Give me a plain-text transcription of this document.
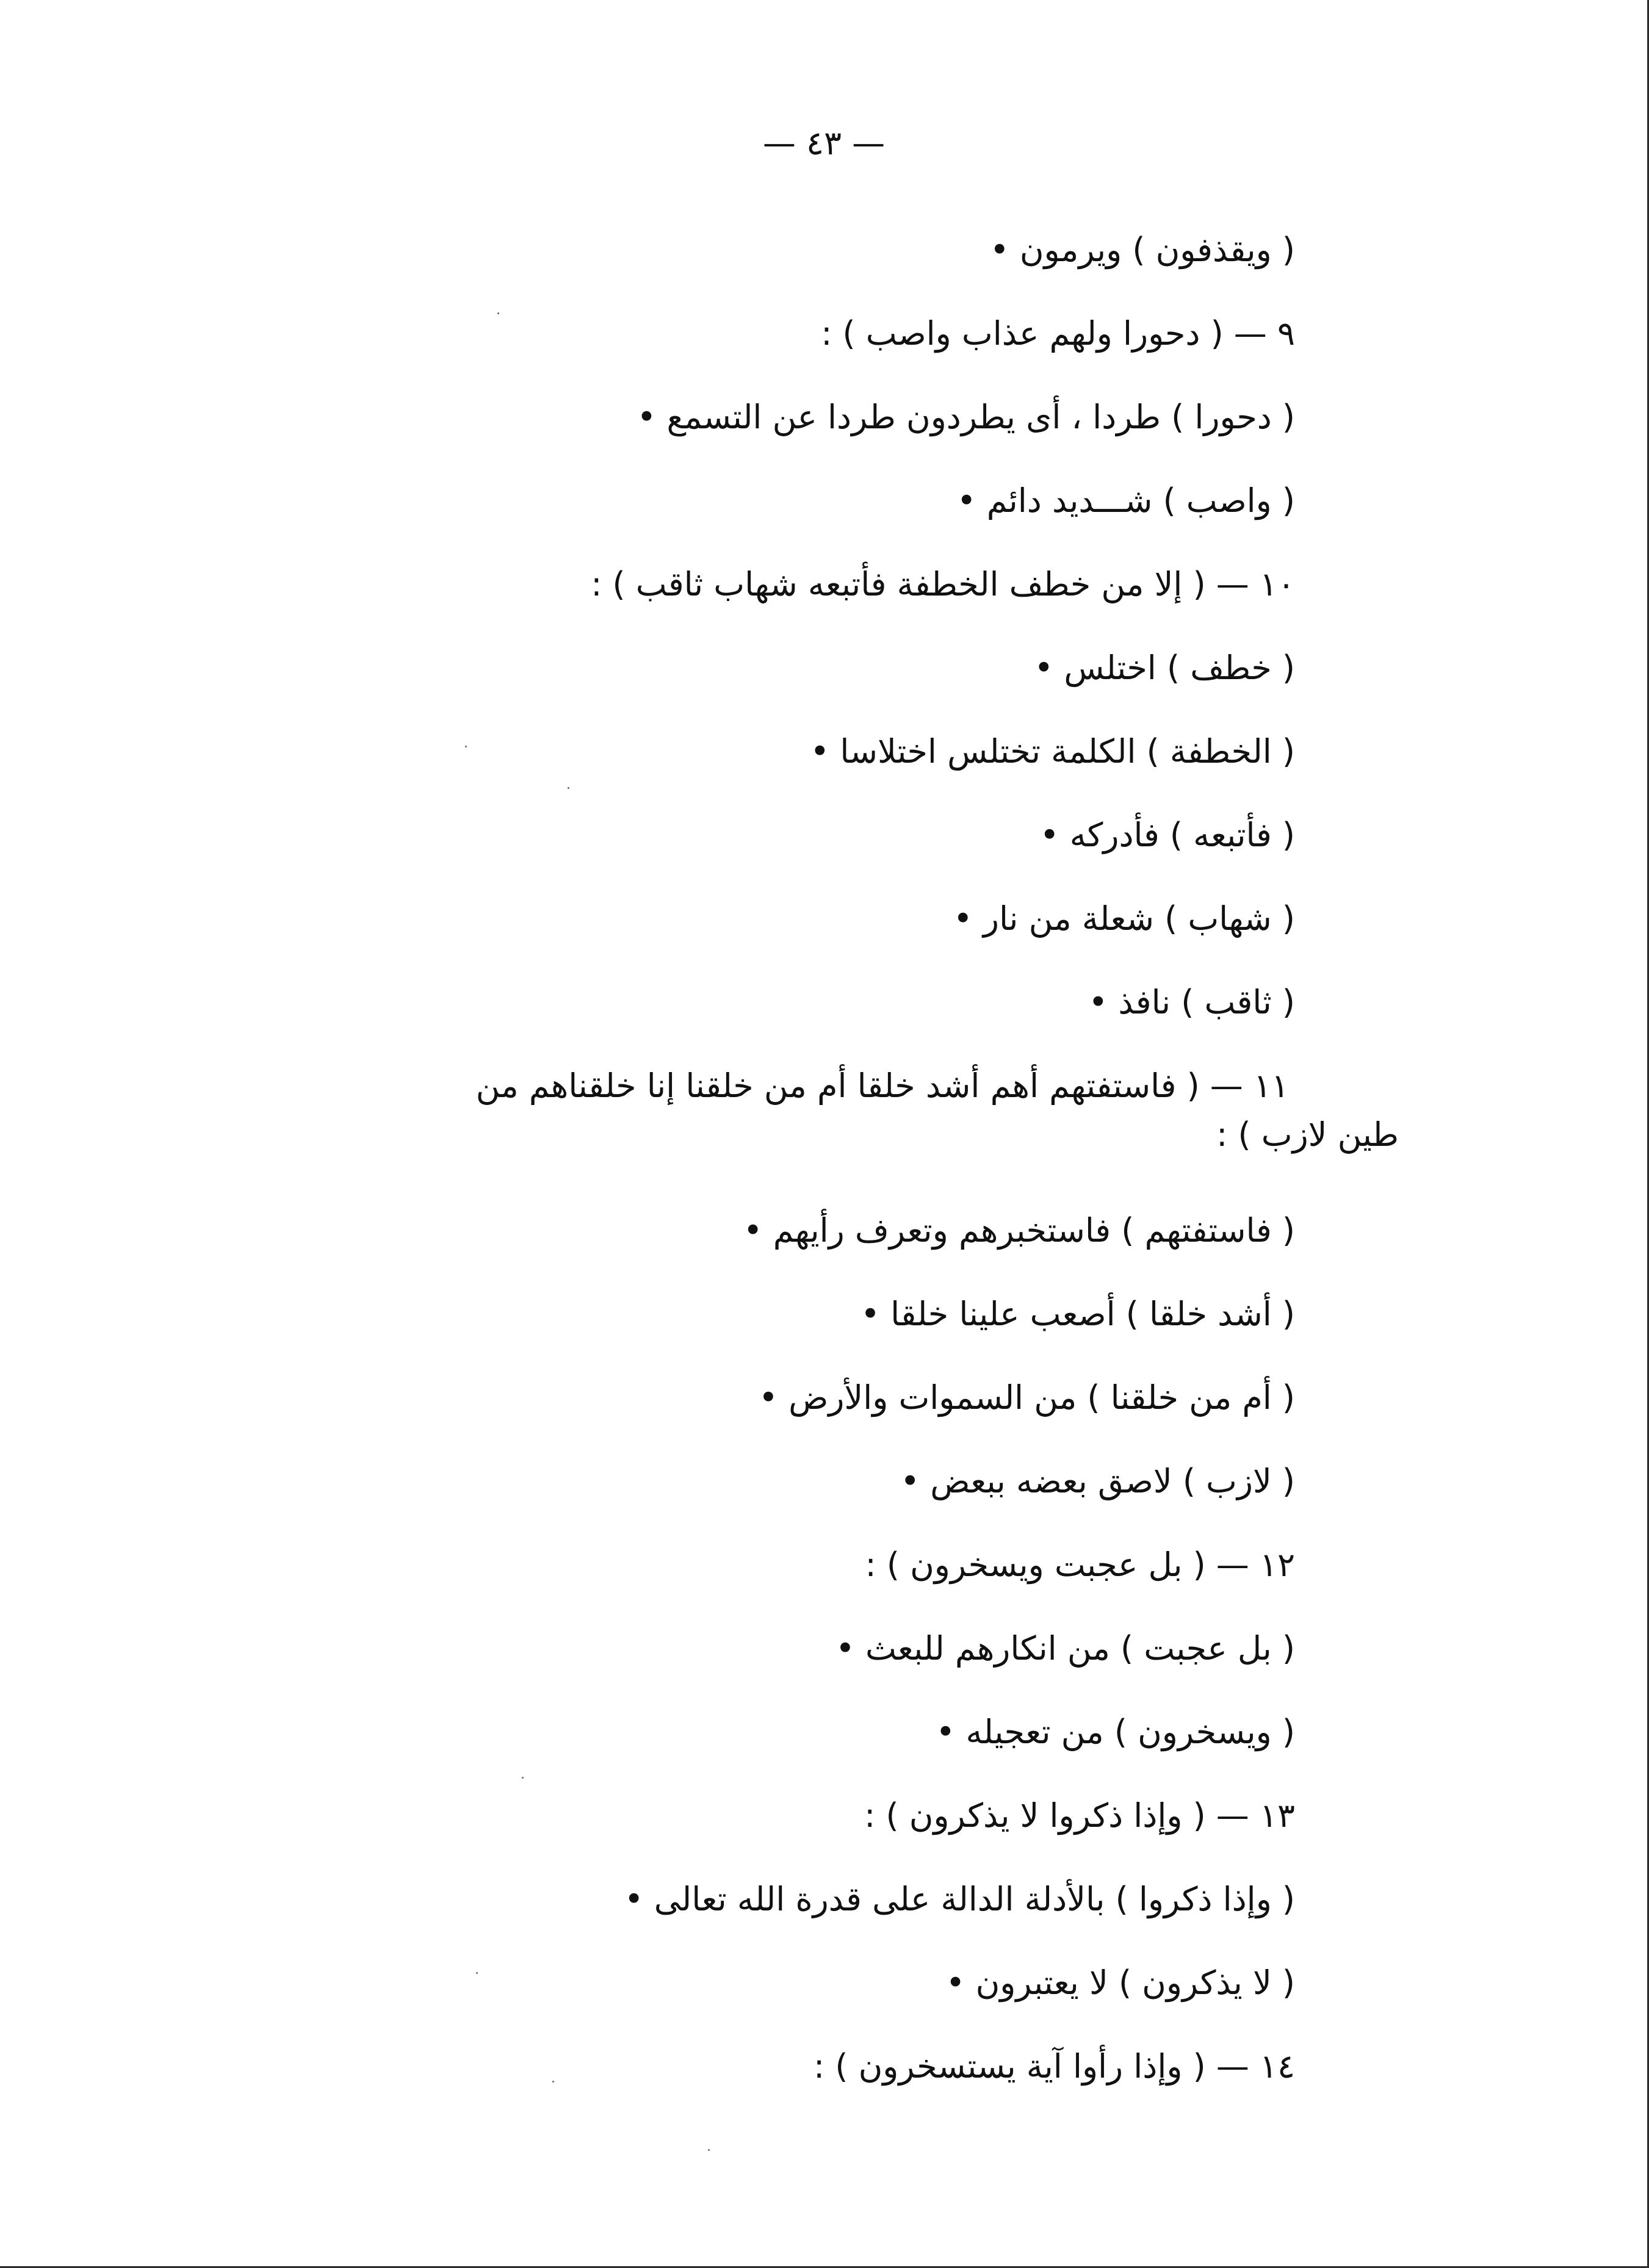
— ٤٣ —
( ويقذفون ) ويرمون •
٩ — ( دحورا ولهم عذاب واصب ) :
( دحورا ) طردا ، أى يطردون طردا عن التسمع •
( واصب ) شـــديد دائم •
١٠ — ( إلا من خطف الخطفة فأتبعه شهاب ثاقب ) :
( خطف ) اختلس •
( الخطفة ) الكلمة تختلس اختلاسا •
( فأتبعه ) فأدركه •
( شهاب ) شعلة من نار •
( ثاقب ) نافذ •
١١ — ( فاستفتهم أهم أشد خلقا أم من خلقنا إنا خلقناهم من
طين لازب ) :
( فاستفتهم ) فاستخبرهم وتعرف رأيهم •
( أشد خلقا ) أصعب علينا خلقا •
( أم من خلقنا ) من السموات والأرض •
( لازب ) لاصق بعضه ببعض •
١٢ — ( بل عجبت ويسخرون ) :
( بل عجبت ) من انكارهم للبعث •
( ويسخرون ) من تعجيله •
١٣ — ( وإذا ذكروا لا يذكرون ) :
( وإذا ذكروا ) بالأدلة الدالة على قدرة الله تعالى •
( لا يذكرون ) لا يعتبرون •
١٤ — ( وإذا رأوا آية يستسخرون ) :
